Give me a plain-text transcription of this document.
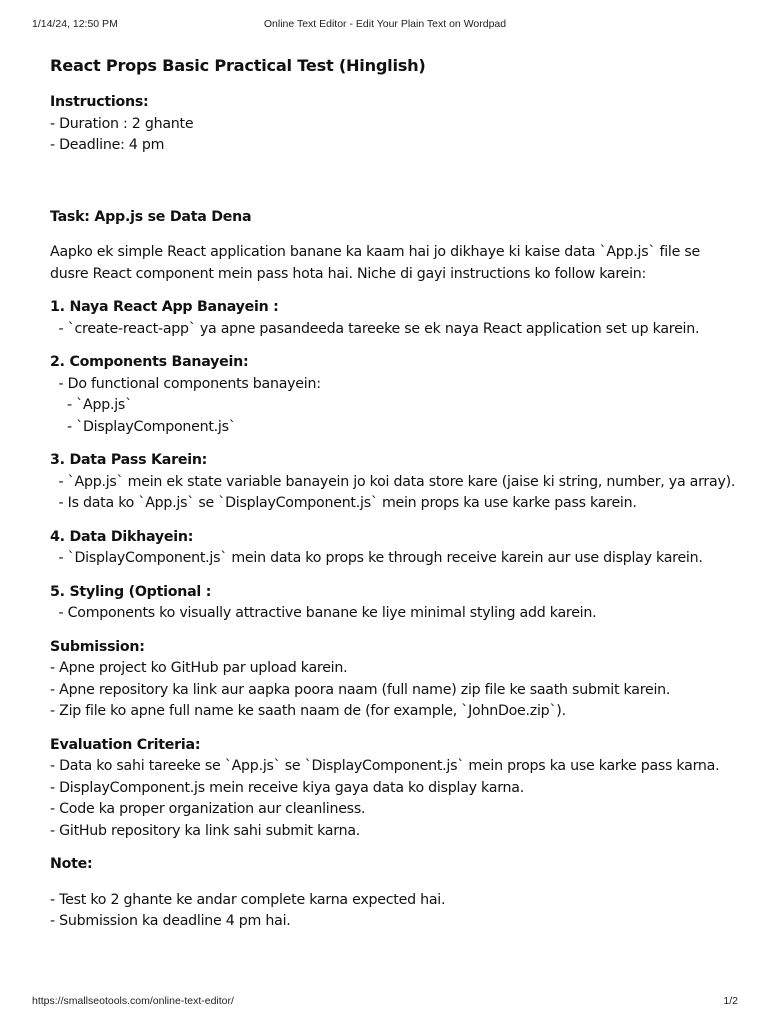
1/14/24, 12:50 PM	Online Text Editor - Edit Your Plain Text on Wordpad

React Props Basic Practical Test (Hinglish)

Instructions:

- Duration : 2 ghante

- Deadline: 4 pm

Task: App.js se Data Dena

Aapko ek simple React application banane ka kaam hai jo dikhaye ki kaise data `App.js` file se dusre React component mein pass hota hai. Niche di gayi instructions ko follow karein:

1. Naya React App Banayein :

- `create-react-app` ya apne pasandeeda tareeke se ek naya React application set up karein.

2. Components Banayein:

- Do functional components banayein:

- `App.js`

- `DisplayComponent.js`

3. Data Pass Karein:

- `App.js` mein ek state variable banayein jo koi data store kare (jaise ki string, number, ya array).

- Is data ko `App.js` se `DisplayComponent.js` mein props ka use karke pass karein.

4. Data Dikhayein:

- `DisplayComponent.js` mein data ko props ke through receive karein aur use display karein.

5. Styling (Optional :

- Components ko visually attractive banane ke liye minimal styling add karein.

Submission:

- Apne project ko GitHub par upload karein.

- Apne repository ka link aur aapka poora naam (full name) zip file ke saath submit karein.

- Zip file ko apne full name ke saath naam de (for example, `JohnDoe.zip`).

Evaluation Criteria:

- Data ko sahi tareeke se `App.js` se `DisplayComponent.js` mein props ka use karke pass karna.

- DisplayComponent.js mein receive kiya gaya data ko display karna.

- Code ka proper organization aur cleanliness.

- GitHub repository ka link sahi submit karna.

Note:

- Test ko 2 ghante ke andar complete karna expected hai.

- Submission ka deadline 4 pm hai.

https://smallseotools.com/online-text-editor/	1/2
